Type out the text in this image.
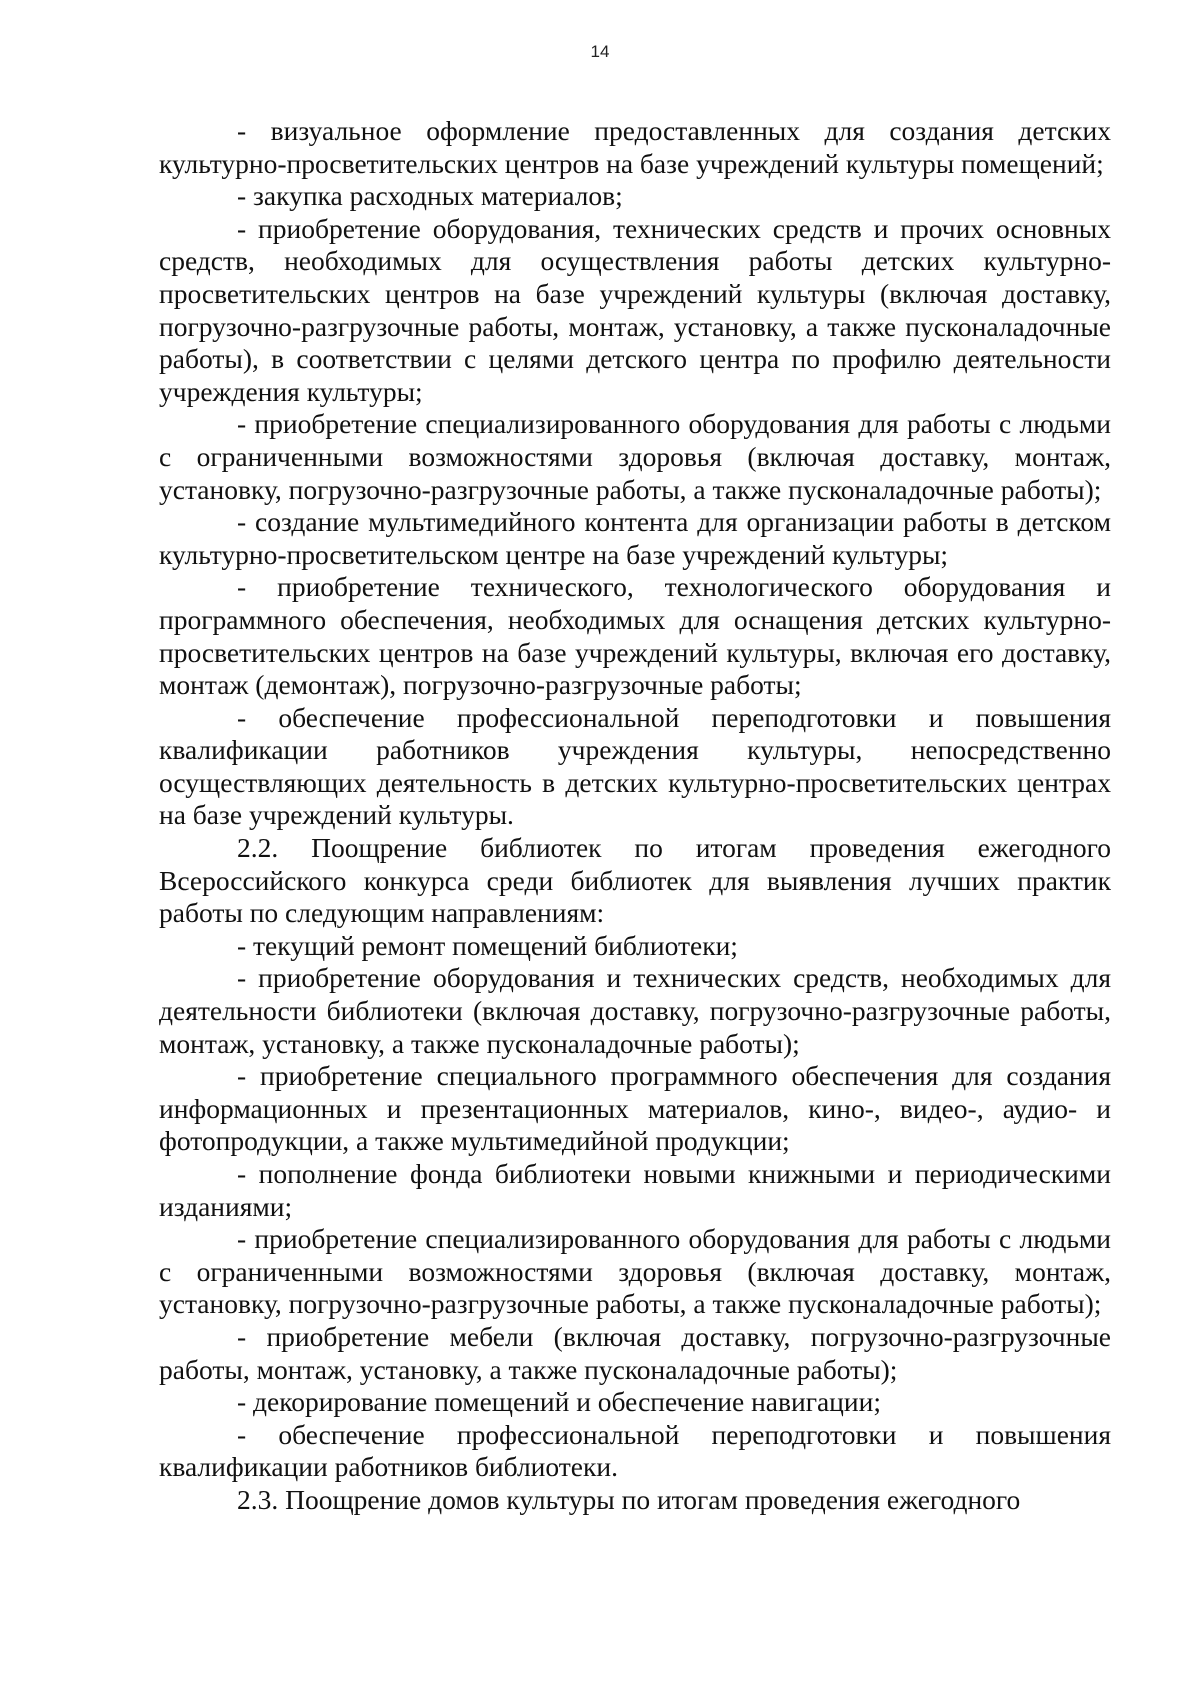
14

- визуальное оформление предоставленных для создания детских культурно-просветительских центров на базе учреждений культуры помещений;

- закупка расходных материалов;

- приобретение оборудования, технических средств и прочих основных средств, необходимых для осуществления работы детских культурно-просветительских центров на базе учреждений культуры (включая доставку, погрузочно-разгрузочные работы, монтаж, установку, а также пусконаладочные работы), в соответствии с целями детского центра по профилю деятельности учреждения культуры;

- приобретение специализированного оборудования для работы с людьми с ограниченными возможностями здоровья (включая доставку, монтаж, установку, погрузочно-разгрузочные работы, а также пусконаладочные работы);

- создание мультимедийного контента для организации работы в детском культурно-просветительском центре на базе учреждений культуры;

- приобретение технического, технологического оборудования и программного обеспечения, необходимых для оснащения детских культурно-просветительских центров на базе учреждений культуры, включая его доставку, монтаж (демонтаж), погрузочно-разгрузочные работы;

- обеспечение профессиональной переподготовки и повышения квалификации работников учреждения культуры, непосредственно осуществляющих деятельность в детских культурно-просветительских центрах на базе учреждений культуры.

2.2. Поощрение библиотек по итогам проведения ежегодного Всероссийского конкурса среди библиотек для выявления лучших практик работы по следующим направлениям:

- текущий ремонт помещений библиотеки;

- приобретение оборудования и технических средств, необходимых для деятельности библиотеки (включая доставку, погрузочно-разгрузочные работы, монтаж, установку, а также пусконаладочные работы);

- приобретение специального программного обеспечения для создания информационных и презентационных материалов, кино-, видео-, аудио- и фотопродукции, а также мультимедийной продукции;

- пополнение фонда библиотеки новыми книжными и периодическими изданиями;

- приобретение специализированного оборудования для работы с людьми с ограниченными возможностями здоровья (включая доставку, монтаж, установку, погрузочно-разгрузочные работы, а также пусконаладочные работы);

- приобретение мебели (включая доставку, погрузочно-разгрузочные работы, монтаж, установку, а также пусконаладочные работы);

- декорирование помещений и обеспечение навигации;

- обеспечение профессиональной переподготовки и повышения квалификации работников библиотеки.

2.3. Поощрение домов культуры по итогам проведения ежегодного
